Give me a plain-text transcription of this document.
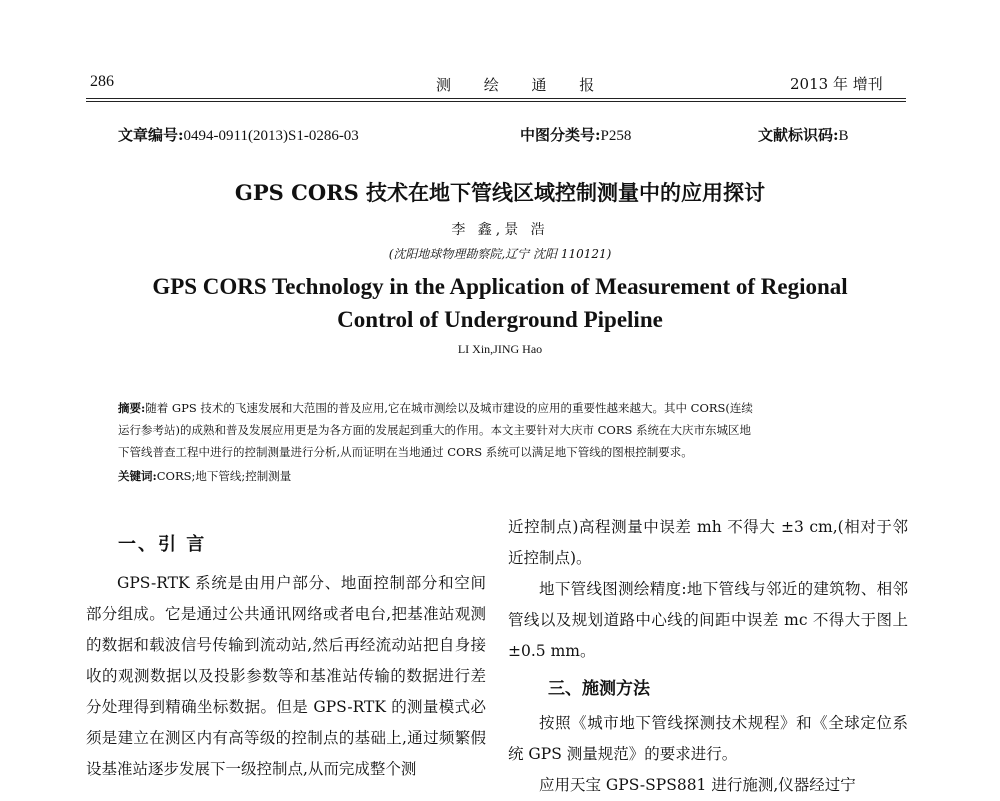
286	测 绘 通 报	2013 年 增刊
文章编号:0494-0911(2013)S1-0286-03	中图分类号:P258	文献标识码:B
GPS CORS 技术在地下管线区域控制测量中的应用探讨
李 鑫,景 浩
(沈阳地球物理勘察院,辽宁 沈阳 110121)
GPS CORS Technology in the Application of Measurement of Regional
Control of Underground Pipeline
LI Xin,JING Hao
摘要:随着 GPS 技术的飞速发展和大范围的普及应用,它在城市测绘以及城市建设的应用的重要性越来越大。其中 CORS(连续
运行参考站)的成熟和普及发展应用更是为各方面的发展起到重大的作用。本文主要针对大庆市 CORS 系统在大庆市东城区地
下管线普查工程中进行的控制测量进行分析,从而证明在当地通过 CORS 系统可以满足地下管线的图根控制要求。
关键词:CORS;地下管线;控制测量
一、引 言

GPS-RTK 系统是由用户部分、地面控制部分和空间部分组成。它是通过公共通讯网络或者电台,把基准站观测的数据和载波信号传输到流动站,然后再经流动站把自身接收的观测数据以及投影参数等和基准站传输的数据进行差分处理得到精确坐标数据。但是 GPS-RTK 的测量模式必须是建立在测区内有高等级的控制点的基础上,通过频繁假设基准站逐步发展下一级控制点,从而完成整个测

近控制点)高程测量中误差 mh 不得大 ±3 cm,(相对于邻近控制点)。

地下管线图测绘精度:地下管线与邻近的建筑物、相邻管线以及规划道路中心线的间距中误差 mc 不得大于图上 ±0.5 mm。

三、施测方法

按照《城市地下管线探测技术规程》和《全球定位系统 GPS 测量规范》的要求进行。

应用天宝 GPS-SPS881 进行施测,仪器经过宁
